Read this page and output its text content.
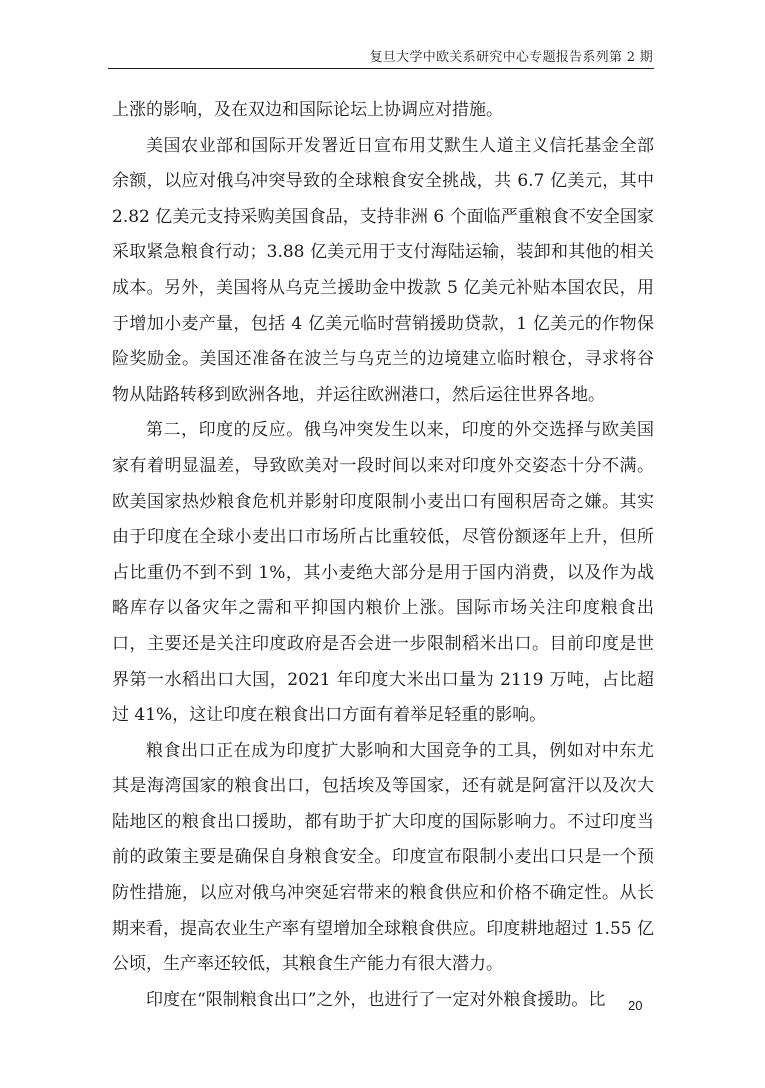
复旦大学中欧关系研究中心专题报告系列第 2 期

上涨的影响，及在双边和国际论坛上协调应对措施。

美国农业部和国际开发署近日宣布用艾默生人道主义信托基金全部余额，以应对俄乌冲突导致的全球粮食安全挑战，共 6.7 亿美元，其中 2.82 亿美元支持采购美国食品，支持非洲 6 个面临严重粮食不安全国家采取紧急粮食行动；3.88 亿美元用于支付海陆运输，装卸和其他的相关成本。另外，美国将从乌克兰援助金中拨款 5 亿美元补贴本国农民，用于增加小麦产量，包括 4 亿美元临时营销援助贷款，1 亿美元的作物保险奖励金。美国还准备在波兰与乌克兰的边境建立临时粮仓，寻求将谷物从陆路转移到欧洲各地，并运往欧洲港口，然后运往世界各地。

第二，印度的反应。俄乌冲突发生以来，印度的外交选择与欧美国家有着明显温差，导致欧美对一段时间以来对印度外交姿态十分不满。欧美国家热炒粮食危机并影射印度限制小麦出口有囤积居奇之嫌。其实由于印度在全球小麦出口市场所占比重较低，尽管份额逐年上升，但所占比重仍不到不到 1%，其小麦绝大部分是用于国内消费，以及作为战略库存以备灾年之需和平抑国内粮价上涨。国际市场关注印度粮食出口，主要还是关注印度政府是否会进一步限制稻米出口。目前印度是世界第一水稻出口大国，2021 年印度大米出口量为 2119 万吨，占比超过 41%，这让印度在粮食出口方面有着举足轻重的影响。

粮食出口正在成为印度扩大影响和大国竞争的工具，例如对中东尤其是海湾国家的粮食出口，包括埃及等国家，还有就是阿富汗以及次大陆地区的粮食出口援助，都有助于扩大印度的国际影响力。不过印度当前的政策主要是确保自身粮食安全。印度宣布限制小麦出口只是一个预防性措施，以应对俄乌冲突延宕带来的粮食供应和价格不确定性。从长期来看，提高农业生产率有望增加全球粮食供应。印度耕地超过 1.55 亿公顷，生产率还较低，其粮食生产能力有很大潜力。

印度在“限制粮食出口”之外，也进行了一定对外粮食援助。比	20
